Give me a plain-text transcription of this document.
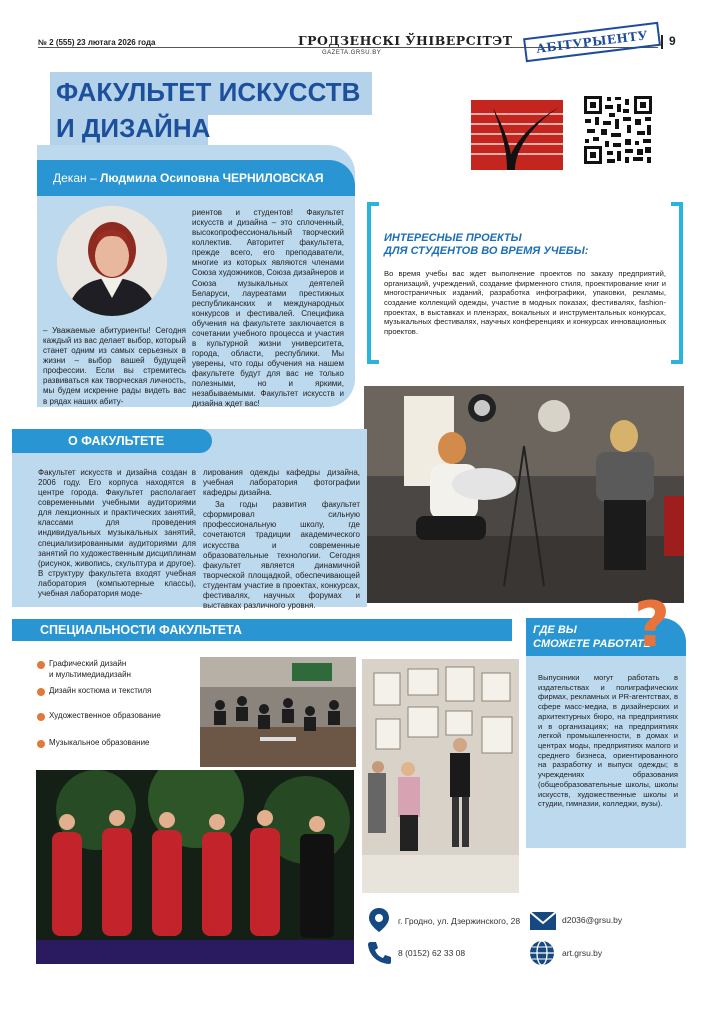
№ 2 (555) 23 лютага 2026 года	ГРОДЗЕНСКІ ЎНІВЕРСІТЭТ
GAZETA.GRSU.BY	АБІТУРЫЕНТУ	9
ФАКУЛЬТЕТ ИСКУССТВ
И ДИЗАЙНА
Декан – Людмила Осиповна ЧЕРНИЛОВСКАЯ
– Уважаемые абитуриенты! Сегодня каждый из вас делает выбор, который станет одним из самых серьезных в жизни – выбор вашей будущей профессии. Если вы стремитесь развиваться как творческая личность, мы будем искренне рады видеть вас в рядах наших абиту-
риентов и студентов! Факультет искусств и дизайна – это сплоченный, высокопрофессиональный творческий коллектив. Авторитет факультета, прежде всего, его преподаватели, многие из которых являются членами Союза художников, Союза дизайнеров и Союза музыкальных деятелей Беларуси, лауреатами престижных республиканских и международных конкурсов и фестивалей. Специфика обучения на факультете заключается в сочетании учебного процесса и участия в культурной жизни университета, города, области, республики. Мы уверены, что годы обучения на нашем факультете будут для вас не только полезными, но и яркими, незабываемыми. Факультет искусств и дизайна ждет вас!
ИНТЕРЕСНЫЕ ПРОЕКТЫ
ДЛЯ СТУДЕНТОВ ВО ВРЕМЯ УЧЕБЫ:
Во время учебы вас ждет выполнение проектов по заказу предприятий, организаций, учреждений, создание фирменного стиля, проектирование книг и многостраничных изданий, разработка инфографики, упаковки, рекламы, создание коллекций одежды, участие в модных показах, фестивалях, fashion-проектах, в выставках и пленэрах, вокальных и инструментальных конкурсах, музыкальных фестивалях, научных конференциях и конкурсах инновационных проектов.
О ФАКУЛЬТЕТЕ
Факультет искусств и дизайна создан в 2006 году. Его корпуса находятся в центре города. Факультет располагает современными учебными аудиториями для лекционных и практических занятий, классами для проведения индивидуальных музыкальных занятий, специализированными аудиториями для занятий по художественным дисциплинам (рисунок, живопись, скульптура и другое). В структуру факультета входят учебная лаборатория (компьютерные классы), учебная лаборатория моде-
лирования одежды кафедры дизайна, учебная лаборатория фотографии кафедры дизайна.
За годы развития факультет сформировал сильную профессиональную школу, где сочетаются традиции академического искусства и современные образовательные технологии. Сегодня факультет является динамичной творческой площадкой, обеспечивающей студентам участие в проектах, конкурсах, фестивалях, научных форумах и выставках различного уровня.
СПЕЦИАЛЬНОСТИ ФАКУЛЬТЕТА
Графический дизайн
и мультимедиадизайн
Дизайн костюма и текстиля
Художественное образование
Музыкальное образование
ГДЕ ВЫ
СМОЖЕТЕ РАБОТАТЬ
?
Выпускники могут работать в издательствах и полиграфических фирмах, рекламных и PR-агентствах, в сфере масс-медиа, в дизайнерских и архитектурных бюро, на предприятиях и в организациях; на предприятиях легкой промышленности, в домах и центрах моды, предприятиях малого и среднего бизнеса, ориентированного на разработку и выпуск одежды; в учреждениях образования (общеобразовательные школы, школы искусств, художественные школы и студии, гимназии, колледжи, вузы).
г. Гродно, ул. Дзержинского, 28	d2036@grsu.by
8 (0152) 62 33 08	art.grsu.by
